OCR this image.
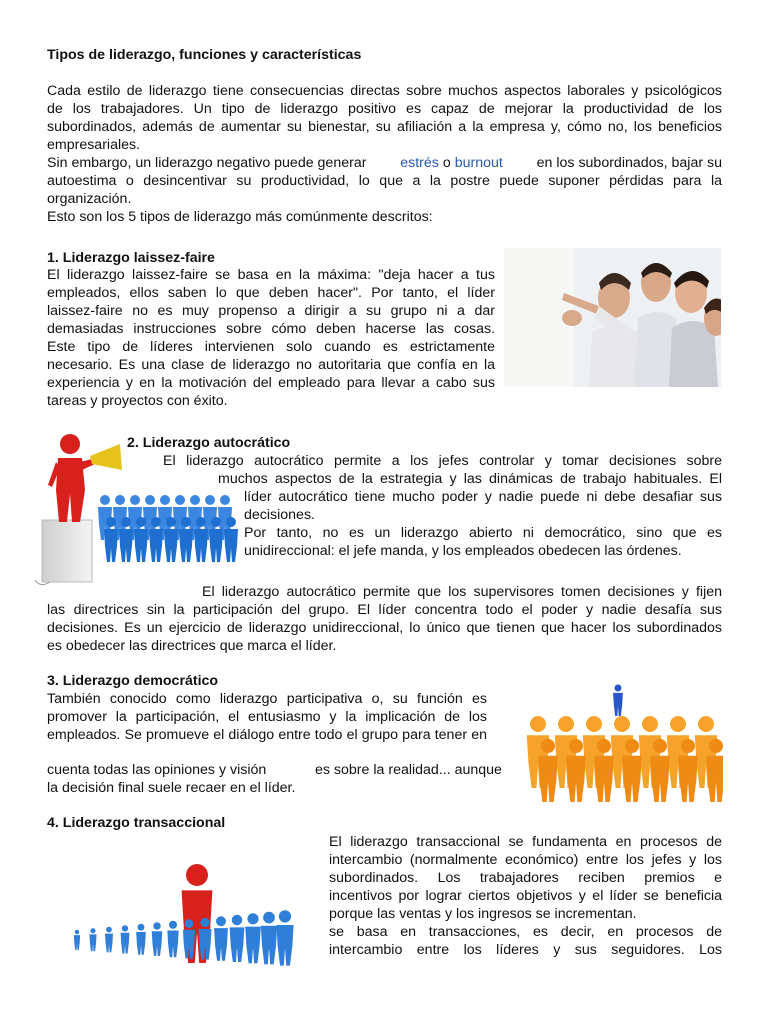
Tipos de liderazgo, funciones y características
Cada estilo de liderazgo tiene consecuencias directas sobre muchos aspectos laborales y psicológicos
de los trabajadores. Un tipo de liderazgo positivo es capaz de mejorar la productividad de los
subordinados, además de aumentar su bienestar, su afiliación a la empresa y, cómo no, los beneficios
empresariales.
Sin embargo, un liderazgo negativo puede generar estrés o burnout en los subordinados, bajar su
autoestima o desincentivar su productividad, lo que a la postre puede suponer pérdidas para la
organización.
Esto son los 5 tipos de liderazgo más comúnmente descritos:
1. Liderazgo laissez-faire
El liderazgo laissez-faire se basa en la máxima: "deja hacer a tus
empleados, ellos saben lo que deben hacer". Por tanto, el líder
laissez-faire no es muy propenso a dirigir a su grupo ni a dar
demasiadas instrucciones sobre cómo deben hacerse las cosas.
Este tipo de líderes intervienen solo cuando es estrictamente
necesario. Es una clase de liderazgo no autoritaria que confía en la
experiencia y en la motivación del empleado para llevar a cabo sus
tareas y proyectos con éxito.
2. Liderazgo autocrático
El liderazgo autocrático permite a los jefes controlar y tomar decisiones sobre
muchos aspectos de la estrategia y las dinámicas de trabajo habituales. El
líder autocrático tiene mucho poder y nadie puede ni debe desafiar sus
decisiones.
Por tanto, no es un liderazgo abierto ni democrático, sino que es
unidireccional: el jefe manda, y los empleados obedecen las órdenes.
El liderazgo autocrático permite que los supervisores tomen decisiones y fijen
las directrices sin la participación del grupo. El líder concentra todo el poder y nadie desafía sus
decisiones. Es un ejercicio de liderazgo unidireccional, lo único que tienen que hacer los subordinados
es obedecer las directrices que marca el líder.
3. Liderazgo democrático
También conocido como liderazgo participativa o, su función es
promover la participación, el entusiasmo y la implicación de los
empleados. Se promueve el diálogo entre todo el grupo para tener en
cuenta todas las opiniones y visión	es sobre la realidad... aunque
la decisión final suele recaer en el líder.
4. Liderazgo transaccional
El liderazgo transaccional se fundamenta en procesos de
intercambio (normalmente económico) entre los jefes y los
subordinados. Los trabajadores reciben premios e
incentivos por lograr ciertos objetivos y el líder se beneficia
porque las ventas y los ingresos se incrementan.
se basa en transacciones, es decir, en procesos de
intercambio entre los líderes y sus seguidores. Los
